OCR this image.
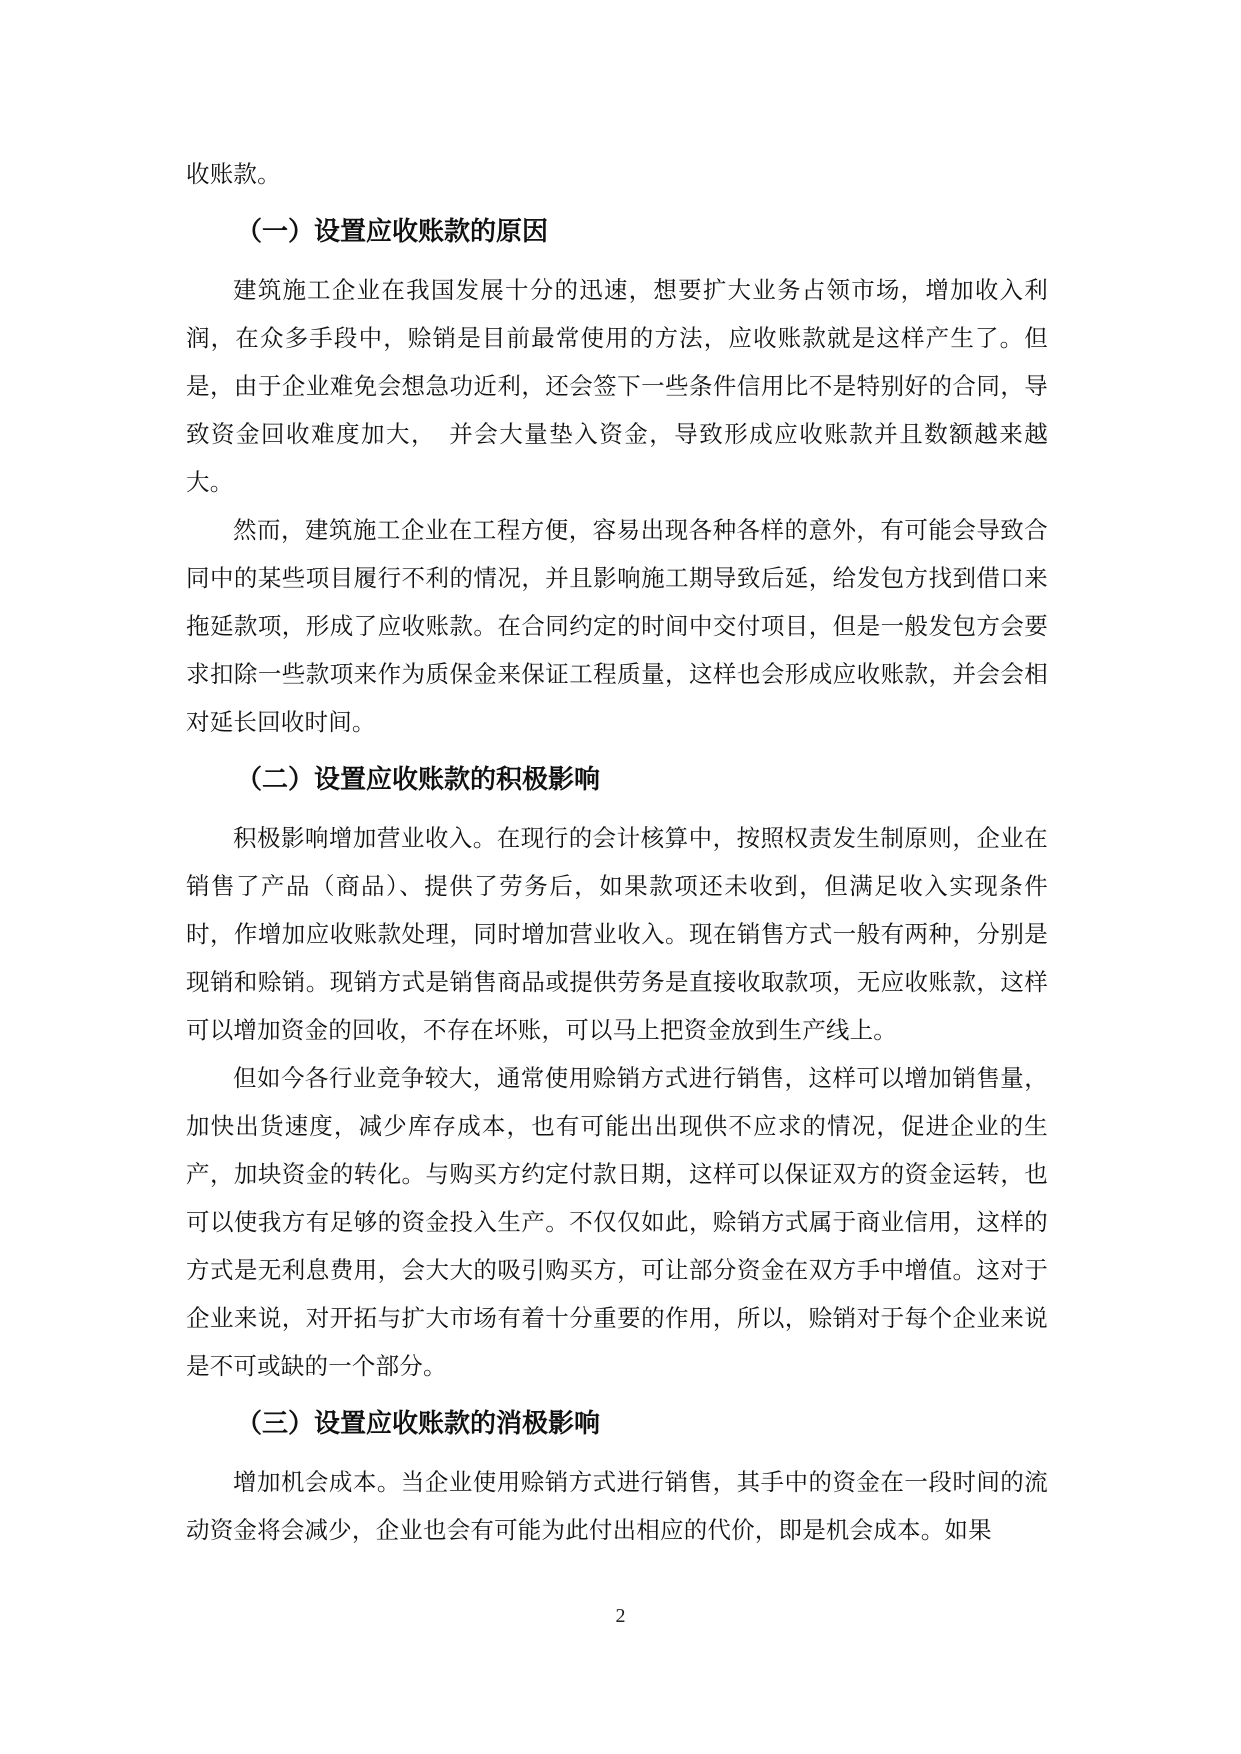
收账款。

（一）设置应收账款的原因

建筑施工企业在我国发展十分的迅速，想要扩大业务占领市场，增加收入利润，在众多手段中，赊销是目前最常使用的方法，应收账款就是这样产生了。但是，由于企业难免会想急功近利，还会签下一些条件信用比不是特别好的合同，导致资金回收难度加大，　并会大量垫入资金，导致形成应收账款并且数额越来越大。

然而，建筑施工企业在工程方便，容易出现各种各样的意外，有可能会导致合同中的某些项目履行不利的情况，并且影响施工期导致后延，给发包方找到借口来拖延款项，形成了应收账款。在合同约定的时间中交付项目，但是一般发包方会要求扣除一些款项来作为质保金来保证工程质量，这样也会形成应收账款，并会会相对延长回收时间。

（二）设置应收账款的积极影响

积极影响增加营业收入。在现行的会计核算中，按照权责发生制原则，企业在销售了产品（商品）、提供了劳务后，如果款项还未收到，但满足收入实现条件时，作增加应收账款处理，同时增加营业收入。现在销售方式一般有两种，分别是现销和赊销。现销方式是销售商品或提供劳务是直接收取款项，无应收账款，这样可以增加资金的回收，不存在坏账，可以马上把资金放到生产线上。

但如今各行业竞争较大，通常使用赊销方式进行销售，这样可以增加销售量，加快出货速度，减少库存成本，也有可能出出现供不应求的情况，促进企业的生产，加块资金的转化。与购买方约定付款日期，这样可以保证双方的资金运转，也可以使我方有足够的资金投入生产。不仅仅如此，赊销方式属于商业信用，这样的方式是无利息费用，会大大的吸引购买方，可让部分资金在双方手中增值。这对于企业来说，对开拓与扩大市场有着十分重要的作用，所以，赊销对于每个企业来说是不可或缺的一个部分。

（三）设置应收账款的消极影响

增加机会成本。当企业使用赊销方式进行销售，其手中的资金在一段时间的流动资金将会减少，企业也会有可能为此付出相应的代价，即是机会成本。如果

2
